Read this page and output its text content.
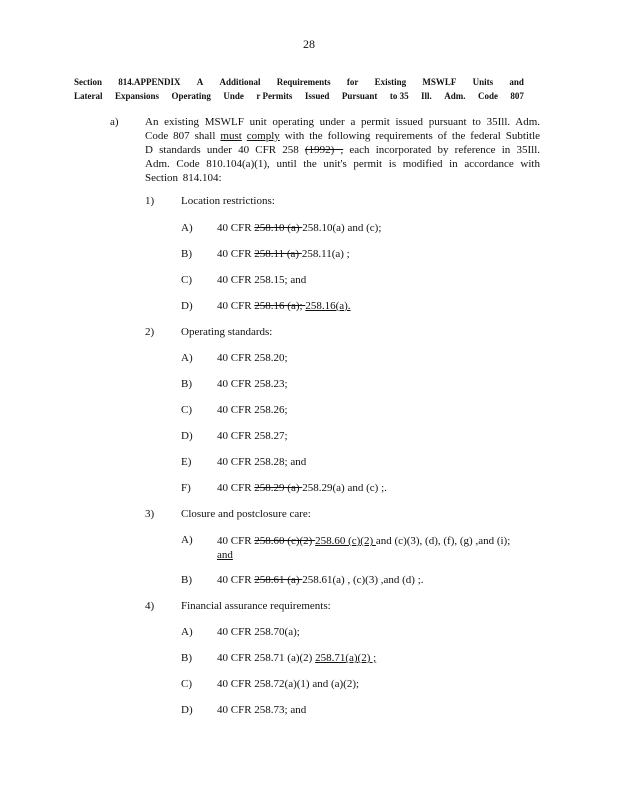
28
Section 814.APPENDIX A Additional Requirements for Existing MSWLF Units and
Lateral Expansions Operating Unde r Permits Issued Pursuant to 35 Ill. Adm. Code 807
a) An existing MSWLF unit operating under a permit issued pursuant to 35Ill. Adm. Code 807 shall must comply with the following requirements of the federal Subtitle D standards under 40 CFR 258 (1992) , each incorporated by reference in 35Ill. Adm. Code 810.104(a)(1), until the unit's permit is modified in accordance with Section 814.104:
1) Location restrictions:
A) 40 CFR 258.10 (a) 258.10(a) and (c);
B) 40 CFR 258.11 (a) 258.11(a) ;
C) 40 CFR 258.15; and
D) 40 CFR 258.16 (a); 258.16(a).
2) Operating standards:
A) 40 CFR 258.20;
B) 40 CFR 258.23;
C) 40 CFR 258.26;
D) 40 CFR 258.27;
E) 40 CFR 258.28; and
F) 40 CFR 258.29 (a) 258.29(a) and (c) ;.
3) Closure and postclosure care:
A) 40 CFR 258.60 (c)(2) 258.60 (c)(2) and (c)(3), (d), (f), (g) ,and (i);
and
B) 40 CFR 258.61 (a) 258.61(a) , (c)(3) ,and (d) ;.
4) Financial assurance requirements:
A) 40 CFR 258.70(a);
B) 40 CFR 258.71 (a)(2) 258.71(a)(2) ;
C) 40 CFR 258.72(a)(1) and (a)(2);
D) 40 CFR 258.73; and
